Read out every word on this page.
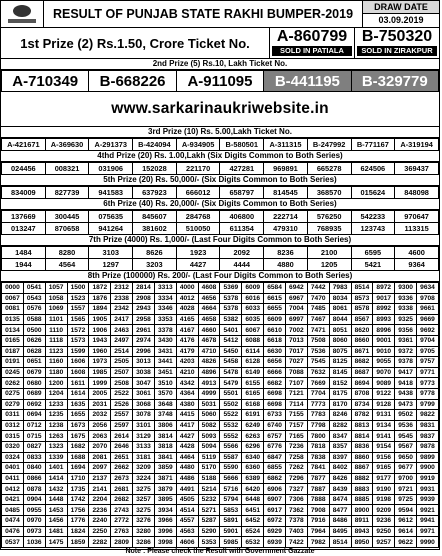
RESULT OF PUNJAB STATE RAKHI BUMPER-2019	DRAW DATE
03.09.2019
1st Prize (2) Rs.1.50, Crore Ticket No.	A-860799
SOLD IN PATIALA
B-750320
SOLD IN ZIRAKPUR
2nd Prize (5) Rs.10, Lakh Ticket No.
A-710349	B-668226	A-911095	B-441195	B-329779
www.sarkarinaukriwebsite.in
3rd Prize (10) Rs. 5.00,Lakh Ticket No.
A-421671	A-369630	A-291373	B-424094	A-934905	B-580501	A-311315	B-247992	B-771167	A-319194
4thd Prize (20) Rs. 1.00,Lakh (Six Digits Common to Both Series)
024456	008321	031906	152028	221170	427281	969891	665278	624506	369437
5th Prize (20) Rs. 50,000/- (Six Digits Common to Both Series)
834009	827739	941583	637923	666012	658797	814545	368570	015624	848098
6th Prize (40) Rs. 20,000/- (Six Digits Common to Both Series)
137669	300445	075635	845607	284768	406800	222714	576250	542233	970647
013247	870658	941264	381602	510050	611354	479310	768935	123743	113315
7th Prize (4000) Rs. 1,000/- (Last Four Digits Common to Both Series)
1484	8280	3103	8626	1923	2092	8236	2100	6595	4600
1944	4564	1297	3203	4427	4444	4880	1205	5421	9364
8th Prize (100000) Rs. 200/- (Last Four Digits Common to Both Series)
0000	0541	1057	1500	1872	2312	2814	3313	4000	4608	5369	6009	6584	6942	7442	7983	8514	8972	9300	9634
0067	0543	1058	1523	1876	2338	2908	3334	4012	4656	5378	6016	6615	6967	7470	8034	8573	9017	9336	9708
0081	0576	1069	1557	1894	2342	2943	3346	4028	4664	5378	6033	6655	7004	7485	8061	8578	8992	9338	9661
0135	0588	1101	1565	1905	2417	2958	3353	4165	4658	5382	6035	6609	6997	7467	8044	8567	8993	9325	9669
0134	0500	1110	1572	1906	2463	2961	3378	4167	4660	5401	6067	6610	7002	7471	8051	8620	8996	9356	9692
0165	0626	1118	1573	1943	2497	2974	3430	4176	4678	5412	6088	6618	7013	7508	8060	8660	9001	9361	9704
0187	0628	1123	1599	1960	2514	2996	3431	4179	4710	5450	6114	6630	7017	7536	8075	8671	9010	9372	9705
0191	0651	1160	1606	1973	2505	3013	3441	4203	4826	5458	6128	6656	7027	7545	8125	8682	9055	9378	9757
0245	0679	1180	1608	1985	2507	3038	3451	4210	4896	5478	6149	6666	7088	7632	8145	8687	9070	9417	9771
0262	0680	1200	1611	1999	2508	3047	3510	4342	4913	5479	6155	6682	7107	7669	8152	8694	9089	9418	9773
0275	0689	1204	1614	2005	2522	3061	3570	4364	4999	5501	6165	6698	7121	7704	8175	8708	9122	9438	9778
0279	0692	1233	1635	2031	2526	3068	3648	4380	5031	5502	6168	6698	7114	7773	8170	8734	9128	9473	9799
0311	0694	1235	1655	2032	2557	3078	3748	4415	5060	5522	6191	6733	7155	7783	8246	8782	9131	9502	9822
0312	0712	1238	1673	2056	2597	3101	3806	4417	5082	5532	6249	6740	7157	7798	8282	8813	9134	9536	9831
0315	0715	1263	1675	2063	2614	3129	3814	4427	5093	5552	6263	6757	7165	7800	8347	8814	9141	9545	9837
0320	0827	1323	1682	2070	2646	3133	3818	4428	5094	5566	6296	6776	7236	7818	8357	8836	9154	9567	9878
0324	0833	1339	1688	2081	2651	3181	3841	4464	5119	5587	6340	6847	7258	7838	8397	8860	9156	9650	9899
0401	0840	1401	1694	2097	2662	3209	3859	4480	5170	5590	6360	6855	7262	7841	8402	8867	9165	9677	9900
0411	0866	1414	1710	2137	2673	3224	3871	4486	5188	5666	6389	6862	7296	7877	8426	8882	9177	9700	9919
0412	0878	1432	1735	2141	2681	3275	3879	4491	5214	5716	6420	6906	7327	7887	8439	8883	9190	9721	9931
0421	0904	1448	1742	2204	2682	3257	3895	4505	5232	5794	6448	6907	7306	7888	8474	8885	9198	9725	9939
0485	0955	1453	1756	2236	2743	3275	3934	4514	5271	5853	6451	6917	7362	7908	8477	8900	9209	9594	9921
0474	0970	1456	1776	2240	2772	3276	3966	4557	5287	5891	6452	6972	7378	7916	8486	8911	9236	9612	9941
0476	0973	1481	1824	2250	2763	3280	3996	4563	5290	5901	6524	6929	7403	7964	8495	8943	9250	9614	9971
0537	1036	1475	1859	2282	2809	3286	3998	4606	5353	5985	6532	6939	7422	7982	8514	8950	9257	9622	9990
Note : Please check the Result with Government Gazzate
